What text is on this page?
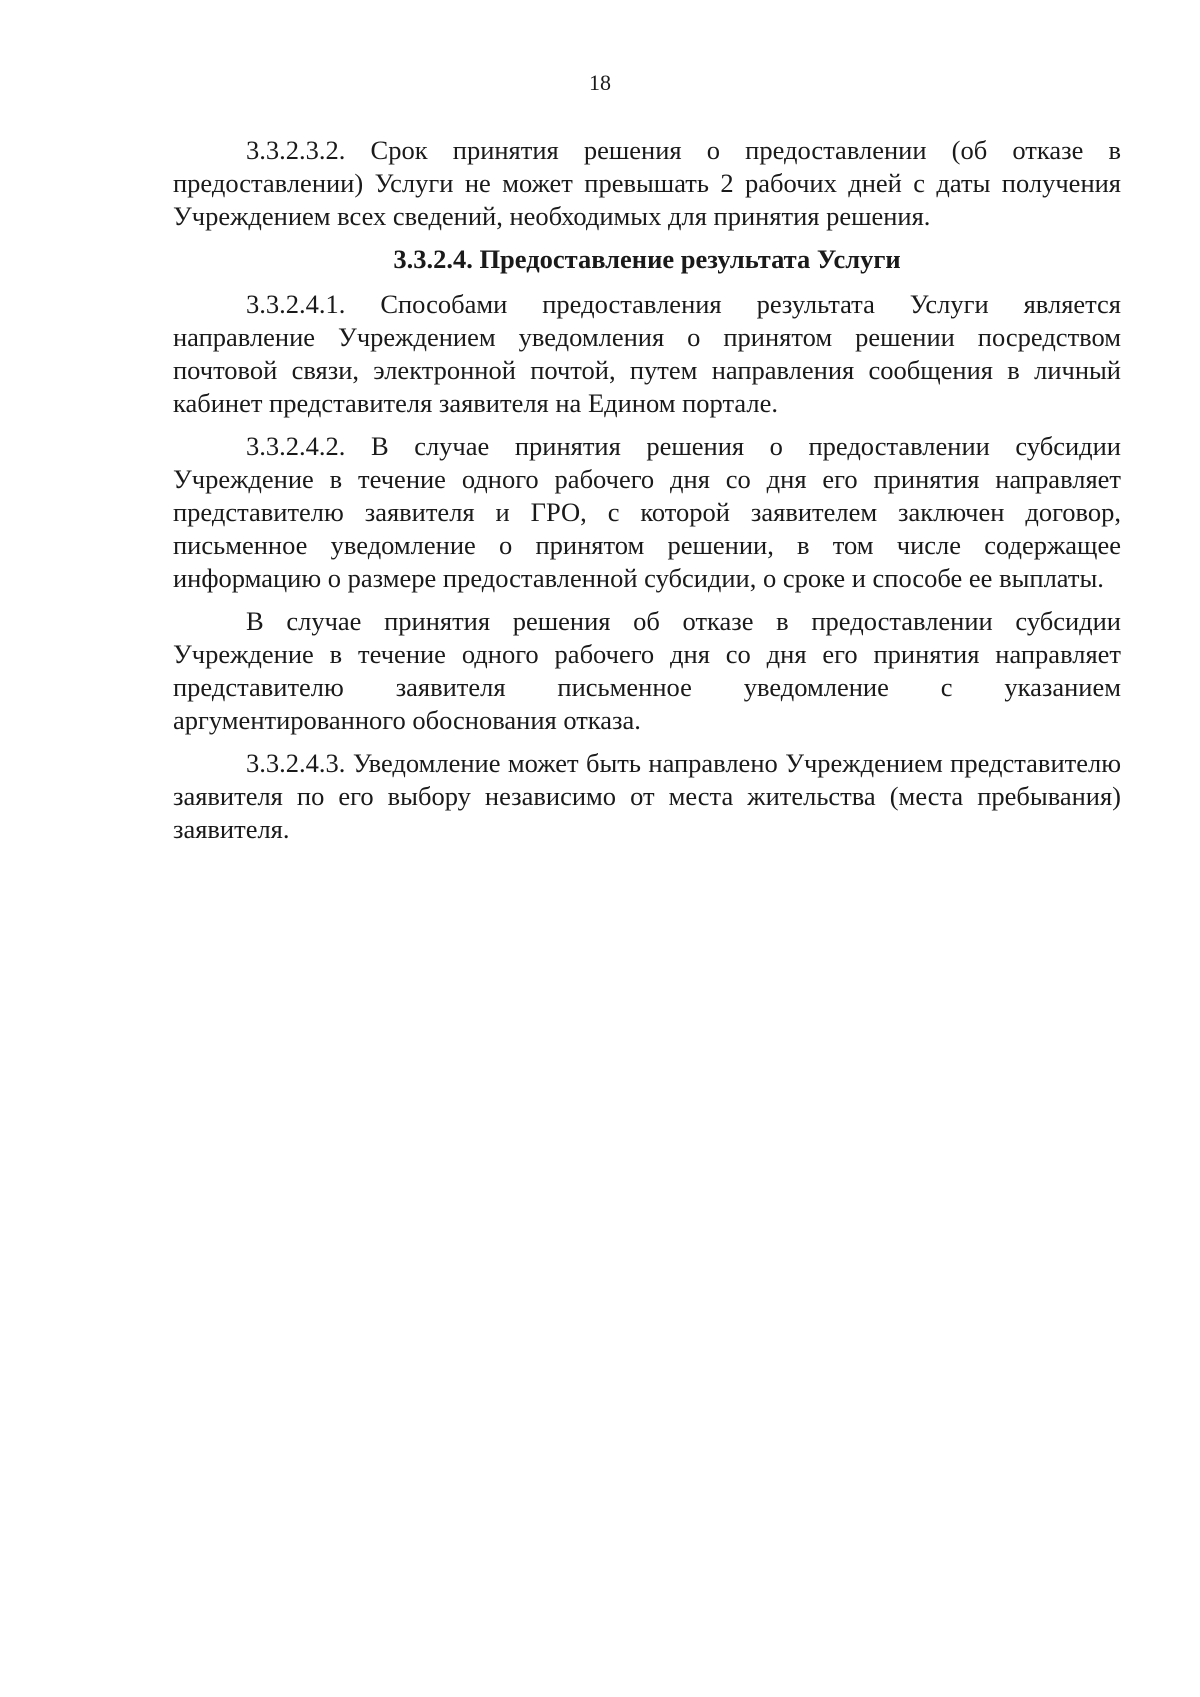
18

3.3.2.3.2. Срок принятия решения о предоставлении (об отказе в предоставлении) Услуги не может превышать 2 рабочих дней с даты получения Учреждением всех сведений, необходимых для принятия решения.

3.3.2.4. Предоставление результата Услуги

3.3.2.4.1. Способами предоставления результата Услуги является направление Учреждением уведомления о принятом решении посредством почтовой связи, электронной почтой, путем направления сообщения в личный кабинет представителя заявителя на Едином портале.

3.3.2.4.2. В случае принятия решения о предоставлении субсидии Учреждение в течение одного рабочего дня со дня его принятия направляет представителю заявителя и ГРО, с которой заявителем заключен договор, письменное уведомление о принятом решении, в том числе содержащее информацию о размере предоставленной субсидии, о сроке и способе ее выплаты.

В случае принятия решения об отказе в предоставлении субсидии Учреждение в течение одного рабочего дня со дня его принятия направляет представителю заявителя письменное уведомление с указанием аргументированного обоснования отказа.

3.3.2.4.3. Уведомление может быть направлено Учреждением представителю заявителя по его выбору независимо от места жительства (места пребывания) заявителя.
